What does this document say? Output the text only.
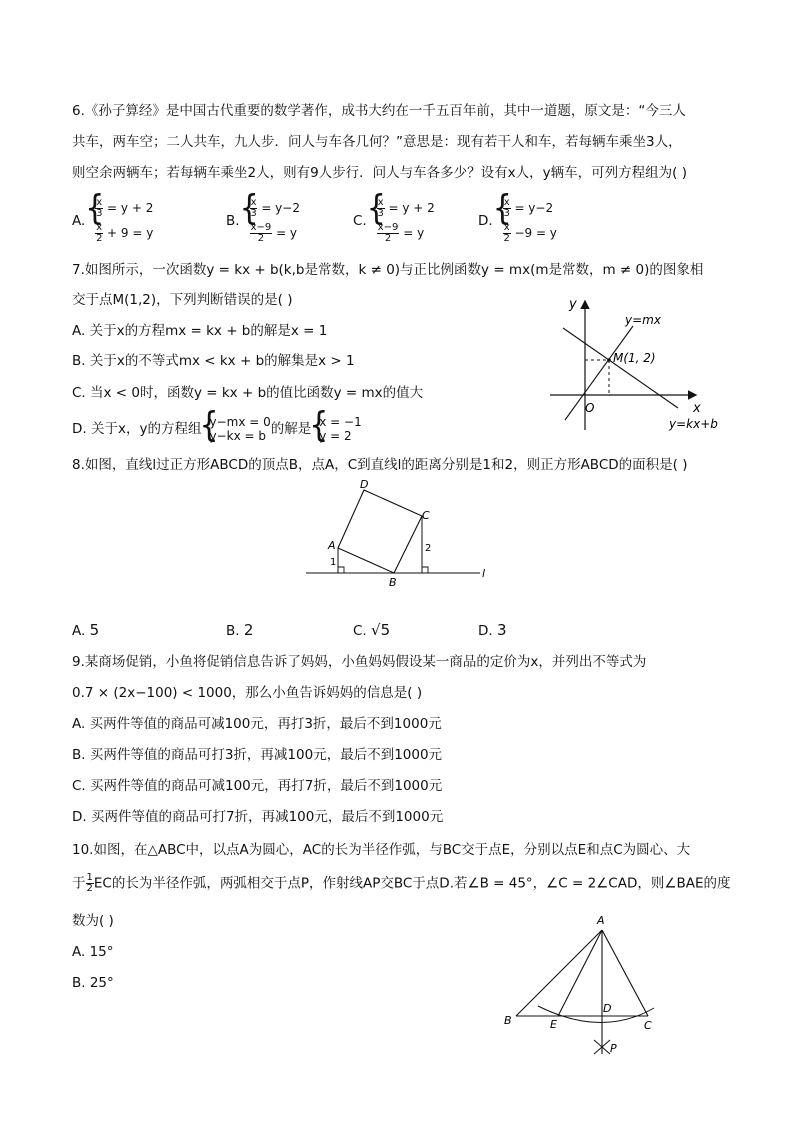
6.《孙子算经》是中国古代重要的数学著作，成书大约在一千五百年前，其中一道题，原文是：“今三人
共车，两车空；二人共车，九人步．问人与车各几何？”意思是：现有若干人和车，若每辆车乘坐3人，
则空余两辆车；若每辆车乘坐2人，则有9人步行．问人与车各多少？设有x人，y辆车，可列方程组为( )
A.
{ $\frac{x}{3} = y + 2$
$\frac{x}{2} + 9 = y$
B.
{ $\frac{x}{3} = y-2$
$\frac{x-9}{2} = y$
C.
{ $\frac{x}{3} = y + 2$
$\frac{x-9}{2} = y$
D.
{ $\frac{x}{3} = y-2$
$\frac{x}{2} -9 = y$
7.如图所示，一次函数y = kx + b(k,b是常数，k ≠ 0)与正比例函数y = mx(m是常数，m ≠ 0)的图象相
交于点M(1,2)，下列判断错误的是( )
A. 关于x的方程mx = kx + b的解是x = 1
B. 关于x的不等式mx < kx + b的解集是x > 1
C. 当x < 0时，函数y = kx + b的值比函数y = mx的值大
D. 关于x，y的方程组 { y−mx = 0
y−kx = b 的解是 { x = −1
y = 2
y
x
O
M(1, 2)
y=mx
y=kx+b
8.如图，直线l过正方形ABCD的顶点B，点A，C到直线l的距离分别是1和2，则正方形ABCD的面积是( )
A
B
C
D
l
1
2
A. 5	B. 2	C. √5	D. 3
9.某商场促销，小鱼将促销信息告诉了妈妈，小鱼妈妈假设某一商品的定价为x，并列出不等式为
0.7 × (2x−100) < 1000，那么小鱼告诉妈妈的信息是( )
A. 买两件等值的商品可减100元，再打3折，最后不到1000元
B. 买两件等值的商品可打3折，再减100元，最后不到1000元
C. 买两件等值的商品可减100元，再打7折，最后不到1000元
D. 买两件等值的商品可打7折，再减100元，最后不到1000元
10.如图，在△ABC中，以点A为圆心，AC的长为半径作弧，与BC交于点E，分别以点E和点C为圆心、大
于 $\frac{1}{2}$ EC的长为半径作弧，两弧相交于点P，作射线AP交BC于点D.若∠B = 45°，∠C = 2∠CAD，则∠BAE的度
数为( )
A. 15°
B. 25°
A
B	C
D
E
P
